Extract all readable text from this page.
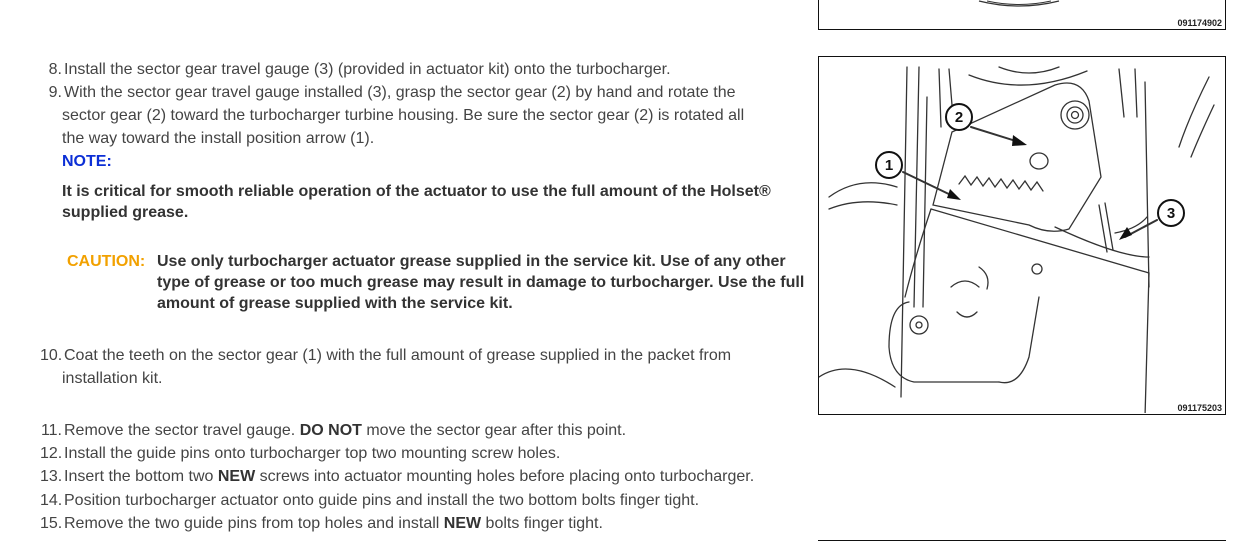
8. Install the sector gear travel gauge (3) (provided in actuator kit) onto the turbocharger.
9. With the sector gear travel gauge installed (3), grasp the sector gear (2) by hand and rotate the
sector gear (2) toward the turbocharger turbine housing. Be sure the sector gear (2) is rotated all
the way toward the install position arrow (1).
NOTE:
It is critical for smooth reliable operation of the actuator to use the full amount of the Holset® supplied grease.
CAUTION: Use only turbocharger actuator grease supplied in the service kit. Use of any other type of grease or too much grease may result in damage to turbocharger. Use the full amount of grease supplied with the service kit.
10. Coat the teeth on the sector gear (1) with the full amount of grease supplied in the packet from
installation kit.
11. Remove the sector travel gauge. DO NOT move the sector gear after this point.
12. Install the guide pins onto turbocharger top two mounting screw holes.
13. Insert the bottom two NEW screws into actuator mounting holes before placing onto turbocharger.
14. Position turbocharger actuator onto guide pins and install the two bottom bolts finger tight.
15. Remove the two guide pins from top holes and install NEW bolts finger tight.
091174902
1
2
3
091175203
